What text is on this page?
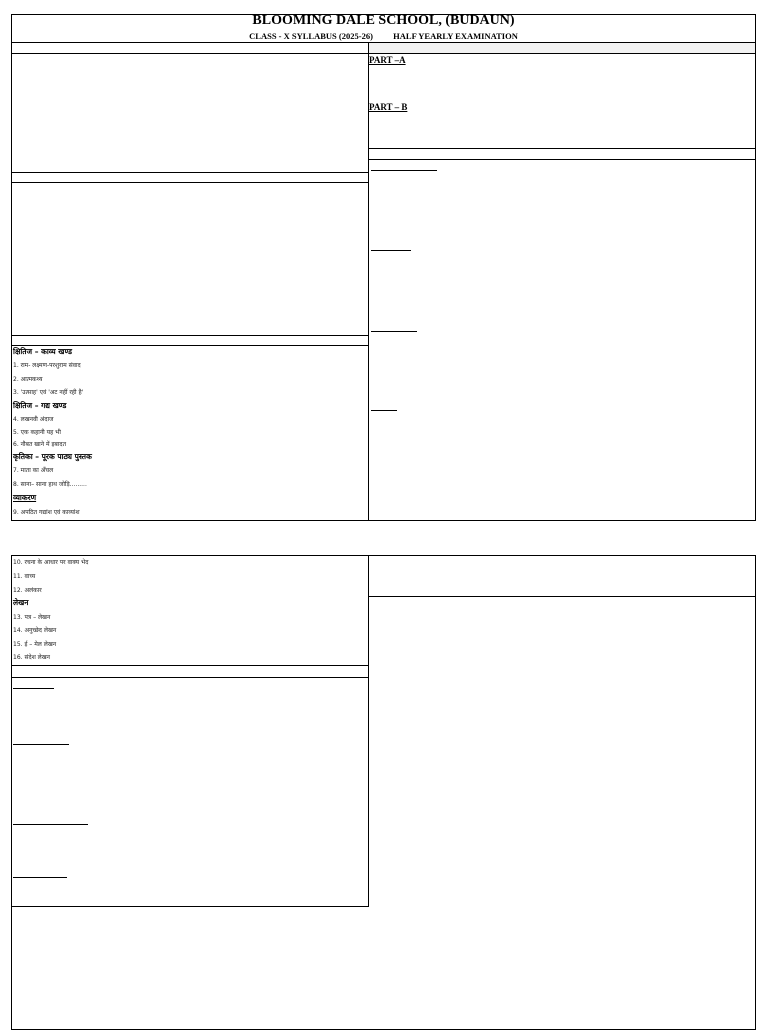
BLOOMING DALE SCHOOL, (BUDAUN)
CLASS - X SYLLABUS (2025-26) HALF YEARLY EXAMINATION
PART –A
PART – B
क्षितिज – काव्य खण्ड
1. राम- लक्ष्मण-परशुराम संवाद
2. आत्मकथ्य
3. 'उत्साह' एवं 'अट नहीं रही है'
क्षितिज – गद्य खण्ड
4. लखनवी अंदाज
5. एक कहानी यह भी
6. नौबत खाने में इबादत
कृतिका – पूरक पाठ्य पुस्तक
7. माता का अँचल
8. साना– साना हाथ जोड़ि.........
व्याकरण
9. अपठित गद्यांश एवं काव्यांश
10. रचना के आधार पर वाक्य भेद
11. वाच्य
12. अलंकार
लेखन
13. पत्र – लेखन
14. अनुच्छेद लेखन
15. ई – मेल लेखन
16. संदेश लेखन
